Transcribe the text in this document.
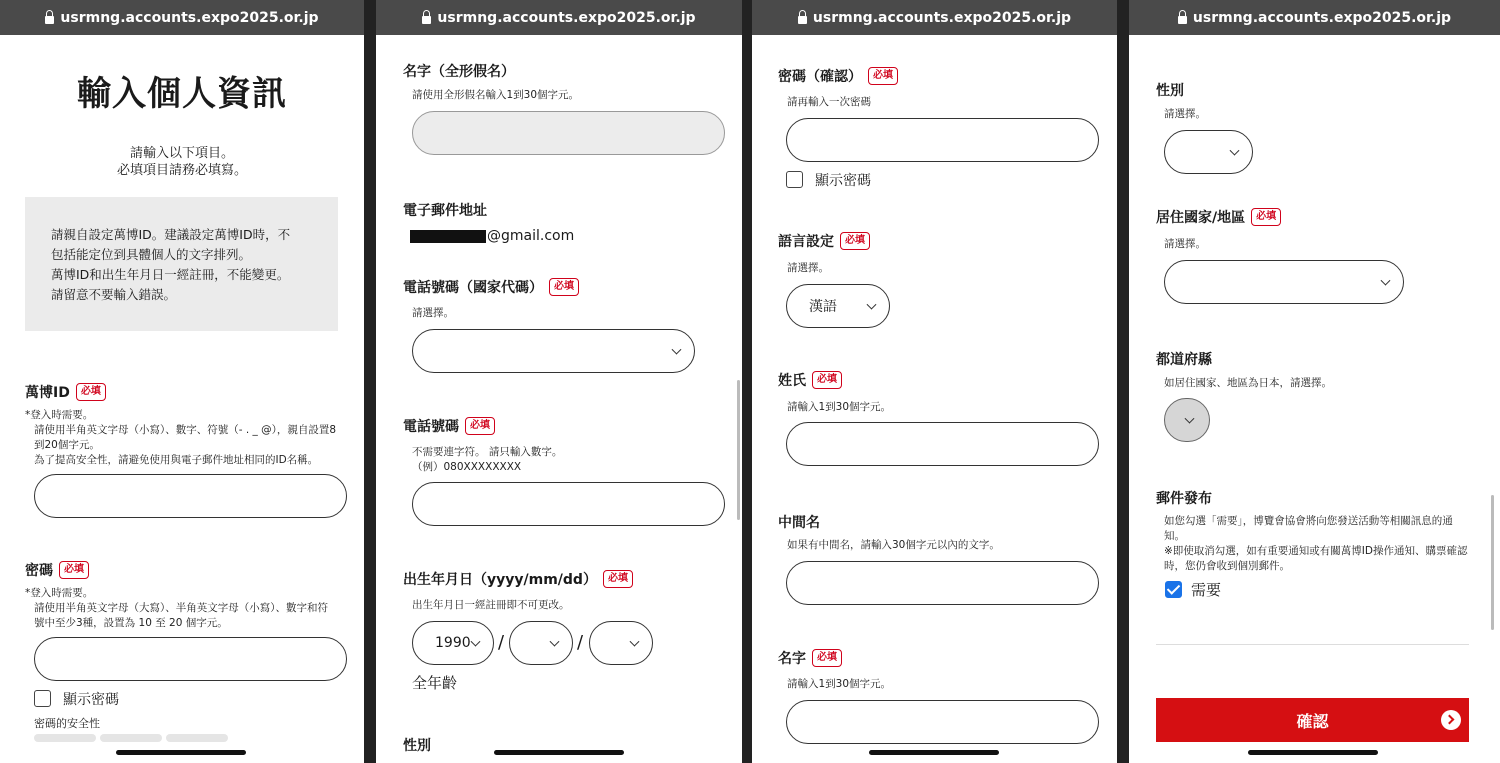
usrmng.accounts.expo2025.or.jp
輸入個人資訊
請輸入以下項目。
必填項目請務必填寫。
請親自設定萬博ID。建議設定萬博ID時，不
包括能定位到具體個人的文字排列。
萬博ID和出生年月日一經註冊，不能變更。
請留意不要輸入錯誤。
萬博ID	必填
*登入時需要。
請使用半角英文字母（小寫）、數字、符號（- . _ @），親自設置8
到20個字元。
為了提高安全性，請避免使用與電子郵件地址相同的ID名稱。
密碼	必填
*登入時需要。
請使用半角英文字母（大寫）、半角英文字母（小寫）、數字和符
號中至少3種，設置為 10 至 20 個字元。
顯示密碼
密碼的安全性
usrmng.accounts.expo2025.or.jp
名字（全形假名）
請使用全形假名輸入1到30個字元。
電子郵件地址
@gmail.com
電話號碼（國家代碼）	必填
請選擇。
電話號碼	必填
不需要連字符。 請只輸入數字。
（例）080XXXXXXXX
出生年月日（yyyy/mm/dd）	必填
出生年月日一經註冊即不可更改。
1990 /	/
全年齡
性別
usrmng.accounts.expo2025.or.jp
密碼（確認）	必填
請再輸入一次密碼
顯示密碼
語言設定	必填
請選擇。
漢語
姓氏	必填
請輸入1到30個字元。
中間名
如果有中間名，請輸入30個字元以內的文字。
名字	必填
請輸入1到30個字元。
usrmng.accounts.expo2025.or.jp
性別
請選擇。
居住國家/地區	必填
請選擇。
都道府縣
如居住國家、地區為日本，請選擇。
郵件發布
如您勾選「需要」，博覽會協會將向您發送活動等相關訊息的通
知。
※即使取消勾選，如有重要通知或有關萬博ID操作通知、購票確認
時，您仍會收到個別郵件。
需要
確認
